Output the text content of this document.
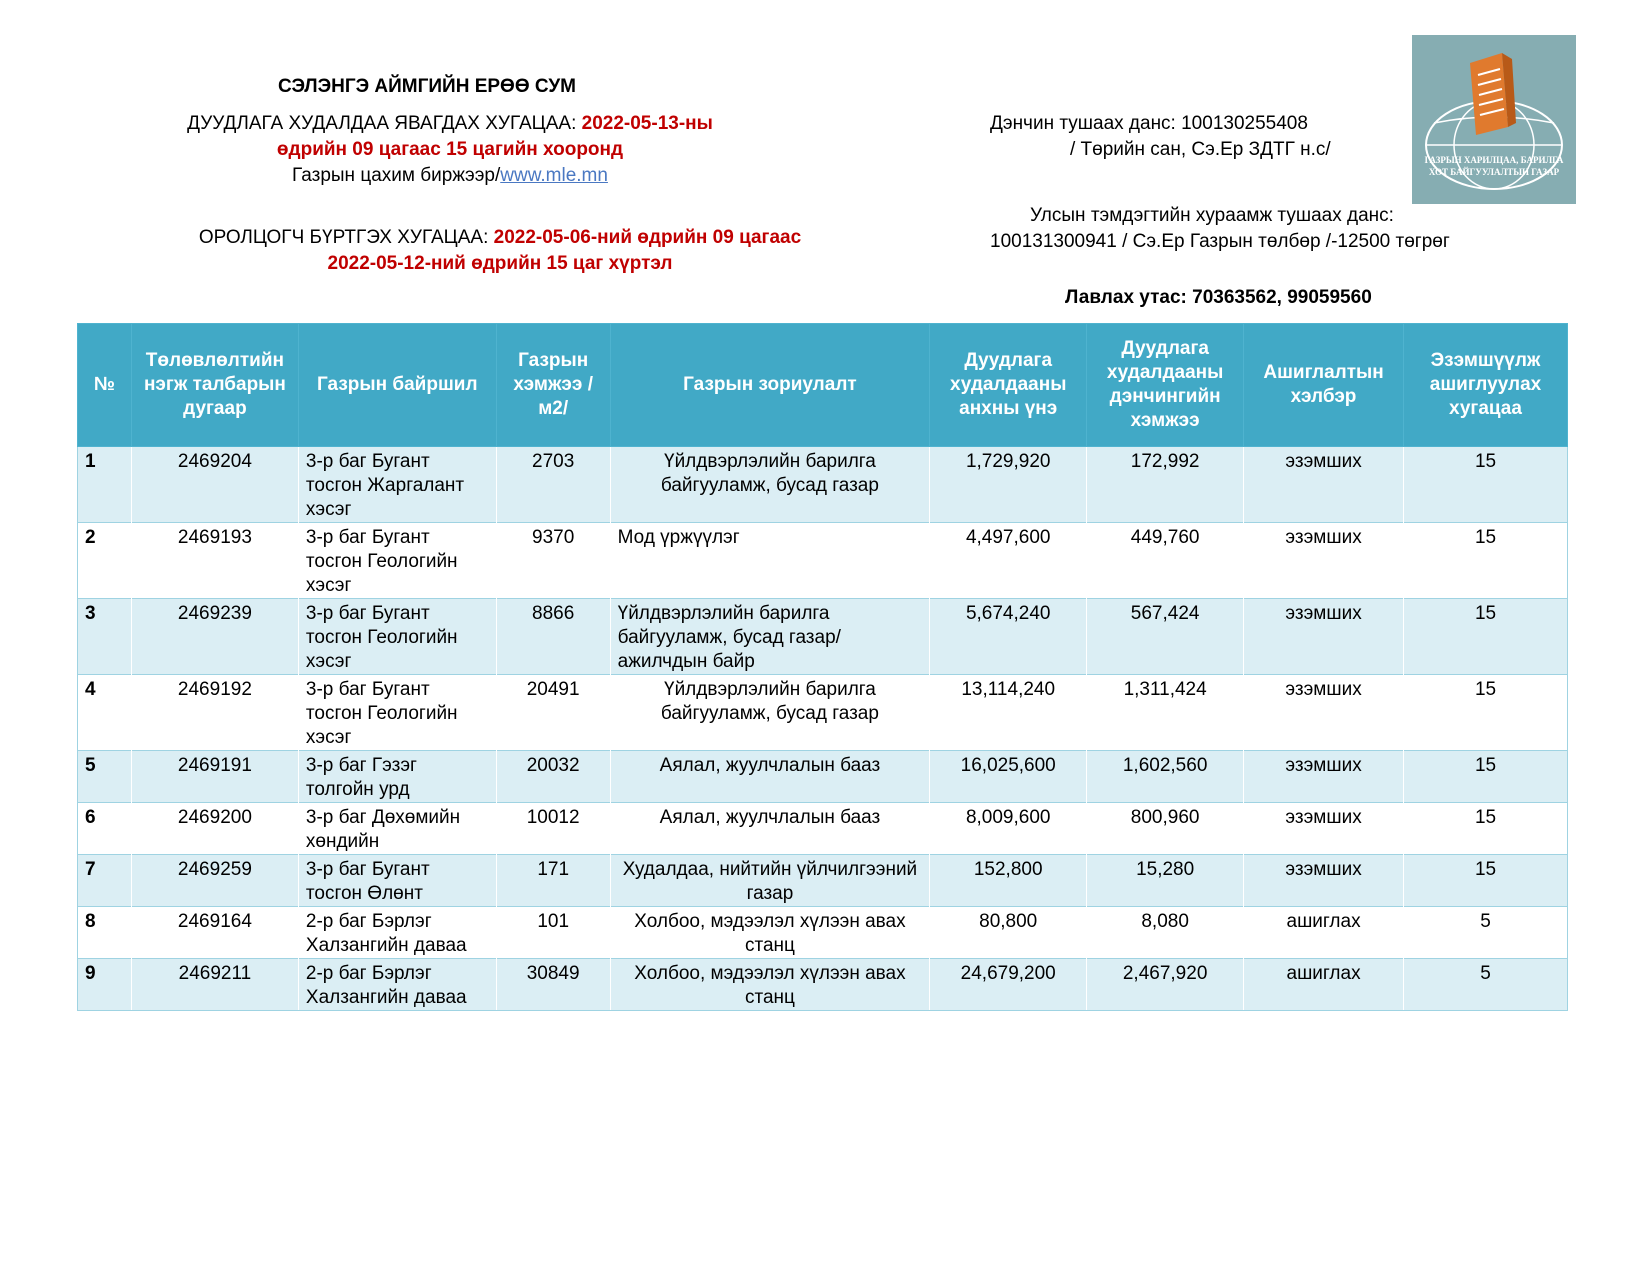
СЭЛЭНГЭ АЙМГИЙН ЕРӨӨ СУМ
ДУУДЛАГА ХУДАЛДАА ЯВАГДАХ ХУГАЦАА: 2022-05-13-ны
өдрийн 09 цагаас 15 цагийн хооронд
Газрын цахим биржээр/www.mle.mn
ОРОЛЦОГЧ БҮРТГЭХ ХУГАЦАА: 2022-05-06-ний өдрийн 09 цагаас
2022-05-12-ний өдрийн 15 цаг хүртэл
Дэнчин тушаах данс: 100130255408
/ Төрийн сан, Сэ.Ер ЗДТГ н.с/
Улсын тэмдэгтийн хураамж тушаах данс:
100131300941 / Сэ.Ер Газрын төлбөр /-12500 төгрөг
Лавлах утас: 70363562, 99059560
ГАЗРЫН ХАРИЛЦАА, БАРИЛГА
ХОТ БАЙГУУЛАЛТЫН ГАЗАР
№	Төлөвлөлтийн нэгж талбарын дугаар	Газрын байршил	Газрын хэмжээ /м2/	Газрын зориулалт	Дуудлага худалдааны анхны үнэ	Дуудлага худалдааны дэнчингийн хэмжээ	Ашиглалтын хэлбэр	Эзэмшүүлж ашиглуулах хугацаа
1	2469204	3-р баг Бугант тосгон Жаргалант хэсэг	2703	Үйлдвэрлэлийн барилга байгууламж, бусад газар	1,729,920	172,992	эзэмших	15
2	2469193	3-р баг Бугант тосгон Геологийн хэсэг	9370	Мод үржүүлэг	4,497,600	449,760	эзэмших	15
3	2469239	3-р баг Бугант тосгон Геологийн хэсэг	8866	Үйлдвэрлэлийн барилга байгууламж, бусад газар/ажилчдын байр	5,674,240	567,424	эзэмших	15
4	2469192	3-р баг Бугант тосгон Геологийн хэсэг	20491	Үйлдвэрлэлийн барилга байгууламж, бусад газар	13,114,240	1,311,424	эзэмших	15
5	2469191	3-р баг Гэзэг толгойн урд	20032	Аялал, жуулчлалын бааз	16,025,600	1,602,560	эзэмших	15
6	2469200	3-р баг Дөхөмийн хөндийн	10012	Аялал, жуулчлалын бааз	8,009,600	800,960	эзэмших	15
7	2469259	3-р баг Бугант тосгон Өлөнт	171	Худалдаа, нийтийн үйлчилгээний газар	152,800	15,280	эзэмших	15
8	2469164	2-р баг Бэрлэг Халзангийн даваа	101	Холбоо, мэдээлэл хүлээн авах станц	80,800	8,080	ашиглах	5
9	2469211	2-р баг Бэрлэг Халзангийн даваа	30849	Холбоо, мэдээлэл хүлээн авах станц	24,679,200	2,467,920	ашиглах	5
